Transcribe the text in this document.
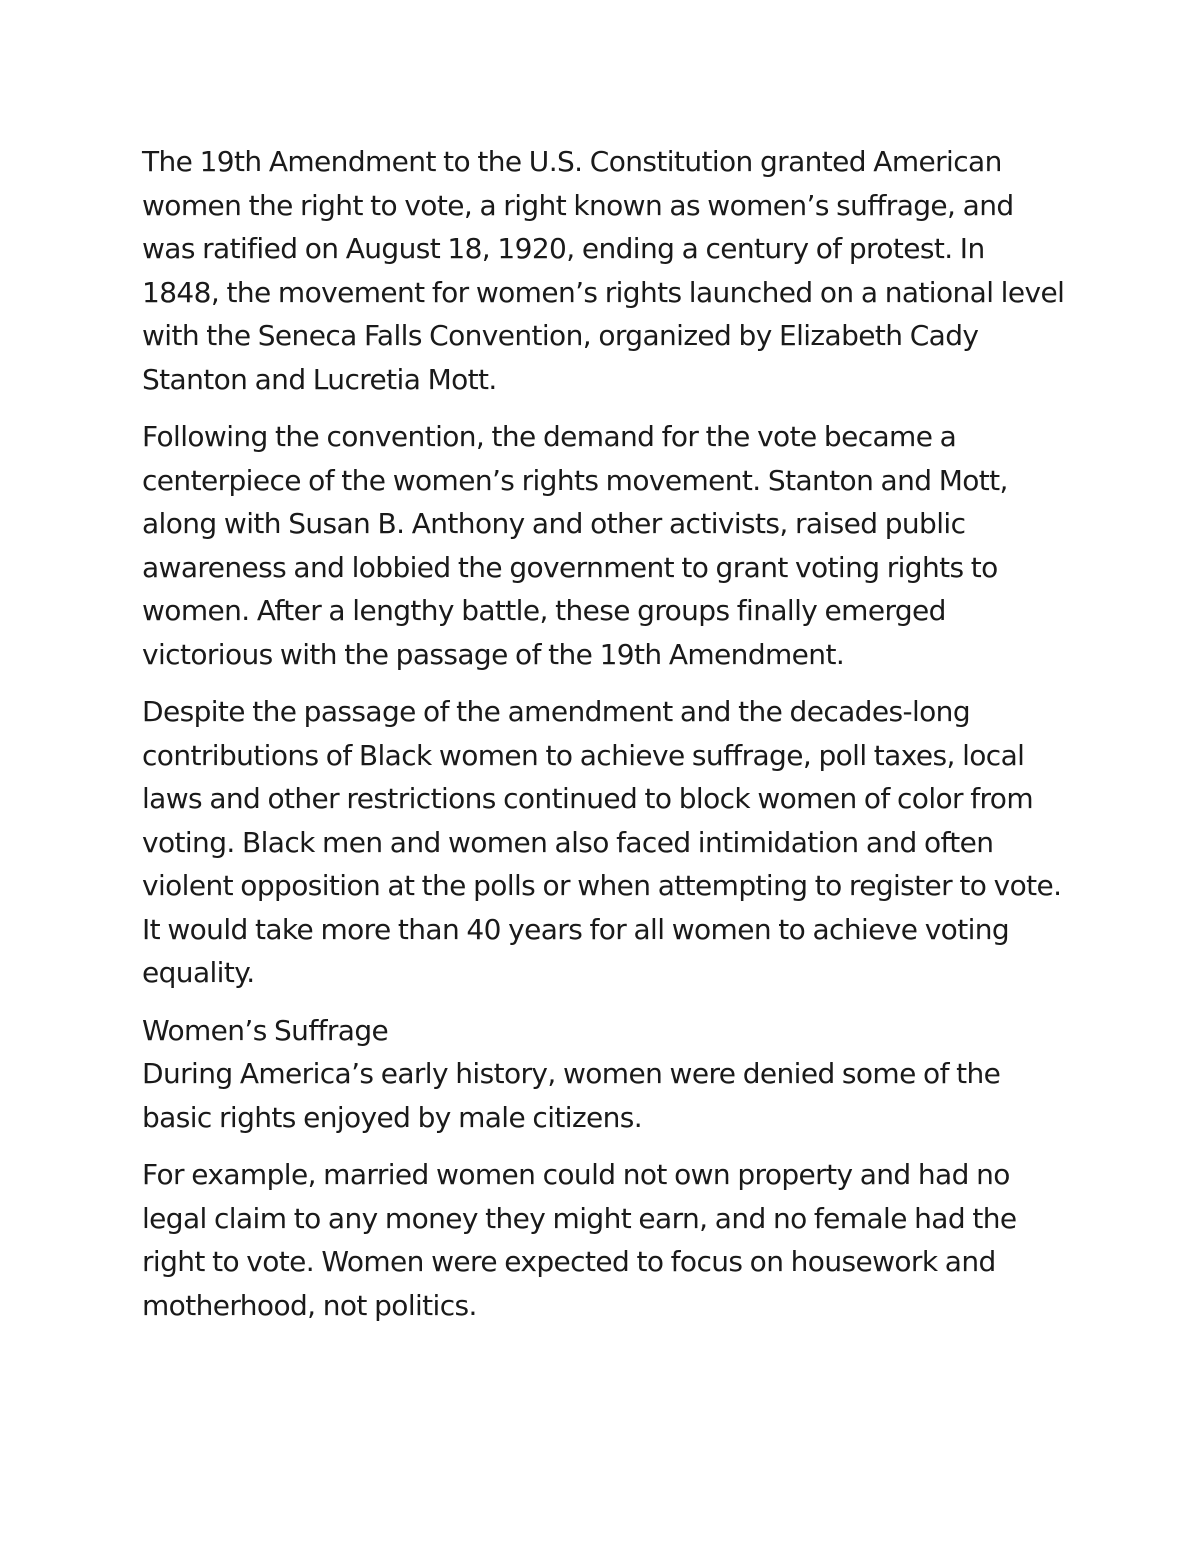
The 19th Amendment to the U.S. Constitution granted American women the right to vote, a right known as women’s suffrage, and was ratified on August 18, 1920, ending a century of protest. In 1848, the movement for women’s rights launched on a national level with the Seneca Falls Convention, organized by Elizabeth Cady Stanton and Lucretia Mott.

Following the convention, the demand for the vote became a centerpiece of the women’s rights movement. Stanton and Mott, along with Susan B. Anthony and other activists, raised public awareness and lobbied the government to grant voting rights to women. After a lengthy battle, these groups finally emerged victorious with the passage of the 19th Amendment.

Despite the passage of the amendment and the decades-long contributions of Black women to achieve suffrage, poll taxes, local laws and other restrictions continued to block women of color from voting. Black men and women also faced intimidation and often violent opposition at the polls or when attempting to register to vote. It would take more than 40 years for all women to achieve voting equality.

Women’s Suffrage

During America’s early history, women were denied some of the basic rights enjoyed by male citizens.

For example, married women could not own property and had no legal claim to any money they might earn, and no female had the right to vote. Women were expected to focus on housework and motherhood, not politics.
